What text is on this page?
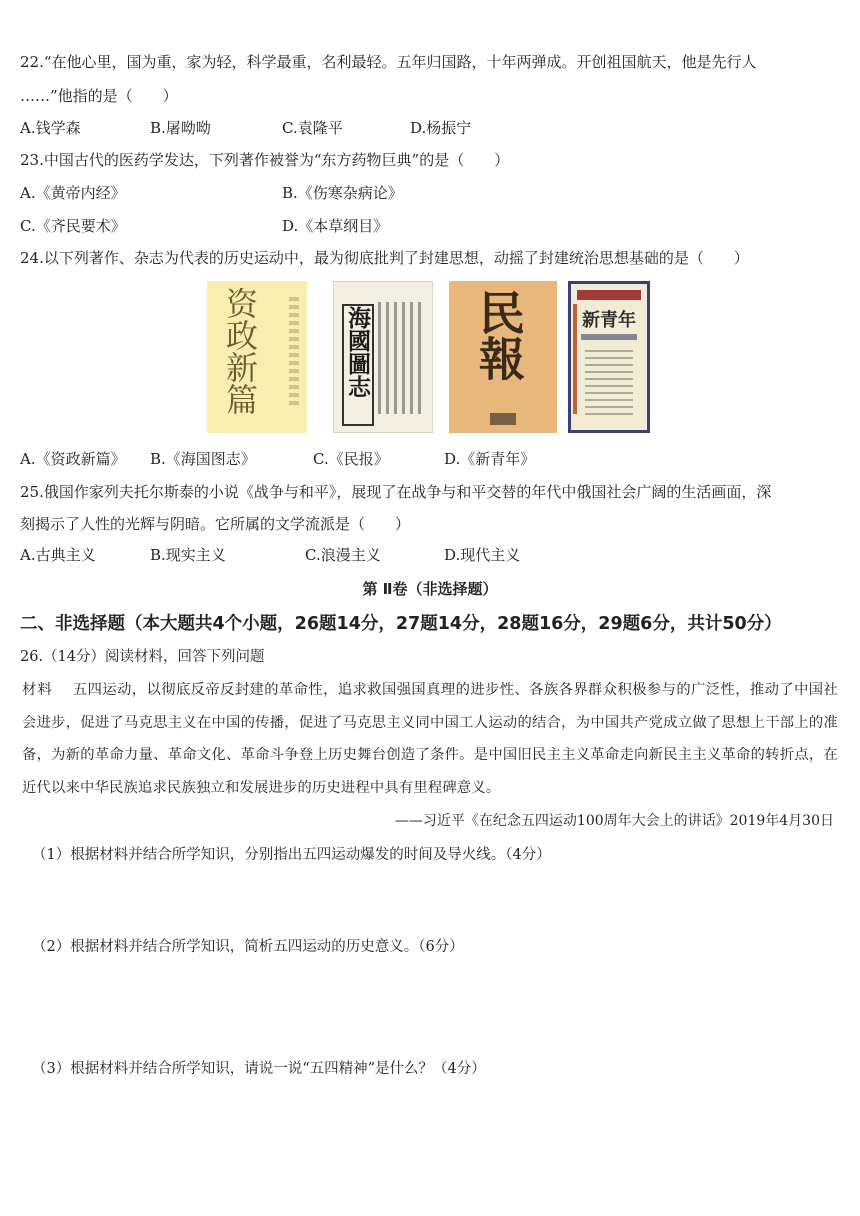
22.“在他心里，国为重，家为轻，科学最重，名利最轻。五年归国路，十年两弹成。开创祖国航天，他是先行人
……”他指的是（　　）
A.钱学森	B.屠呦呦	C.袁隆平	D.杨振宁
23.中国古代的医药学发达，下列著作被誉为“东方药物巨典”的是（　　）
A.《黄帝内经》	B.《伤寒杂病论》
C.《齐民要术》	D.《本草纲目》
24.以下列著作、杂志为代表的历史运动中，最为彻底批判了封建思想，动摇了封建统治思想基础的是（　　）
资政新篇	海國圖志 民報	新青年
A.《资政新篇》 B.《海国图志》	C.《民报》	D.《新青年》
25.俄国作家列夫托尔斯泰的小说《战争与和平》，展现了在战争与和平交替的年代中俄国社会广阔的生活画面，深
刻揭示了人性的光辉与阴暗。它所属的文学流派是（　　）
A.古典主义	B.现实主义	C.浪漫主义	D.现代主义
第 Ⅱ卷（非选择题）
二、非选择题（本大题共4个小题，26题14分，27题14分，28题16分，29题6分，共计50分）
26.（14分）阅读材料，回答下列问题
材料 五四运动，以彻底反帝反封建的革命性，追求救国强国真理的进步性、各族各界群众积极参与的广泛性，推动了中国社会进步，促进了马克思主义在中国的传播，促进了马克思主义同中国工人运动的结合，为中国共产党成立做了思想上干部上的准备，为新的革命力量、革命文化、革命斗争登上历史舞台创造了条件。是中国旧民主主义革命走向新民主主义革命的转折点，在近代以来中华民族追求民族独立和发展进步的历史进程中具有里程碑意义。
——习近平《在纪念五四运动100周年大会上的讲话》2019年4月30日
（1）根据材料并结合所学知识，分别指出五四运动爆发的时间及导火线。（4分）
（2）根据材料并结合所学知识，简析五四运动的历史意义。（6分）
（3）根据材料并结合所学知识，请说一说“五四精神”是什么？（4分）
